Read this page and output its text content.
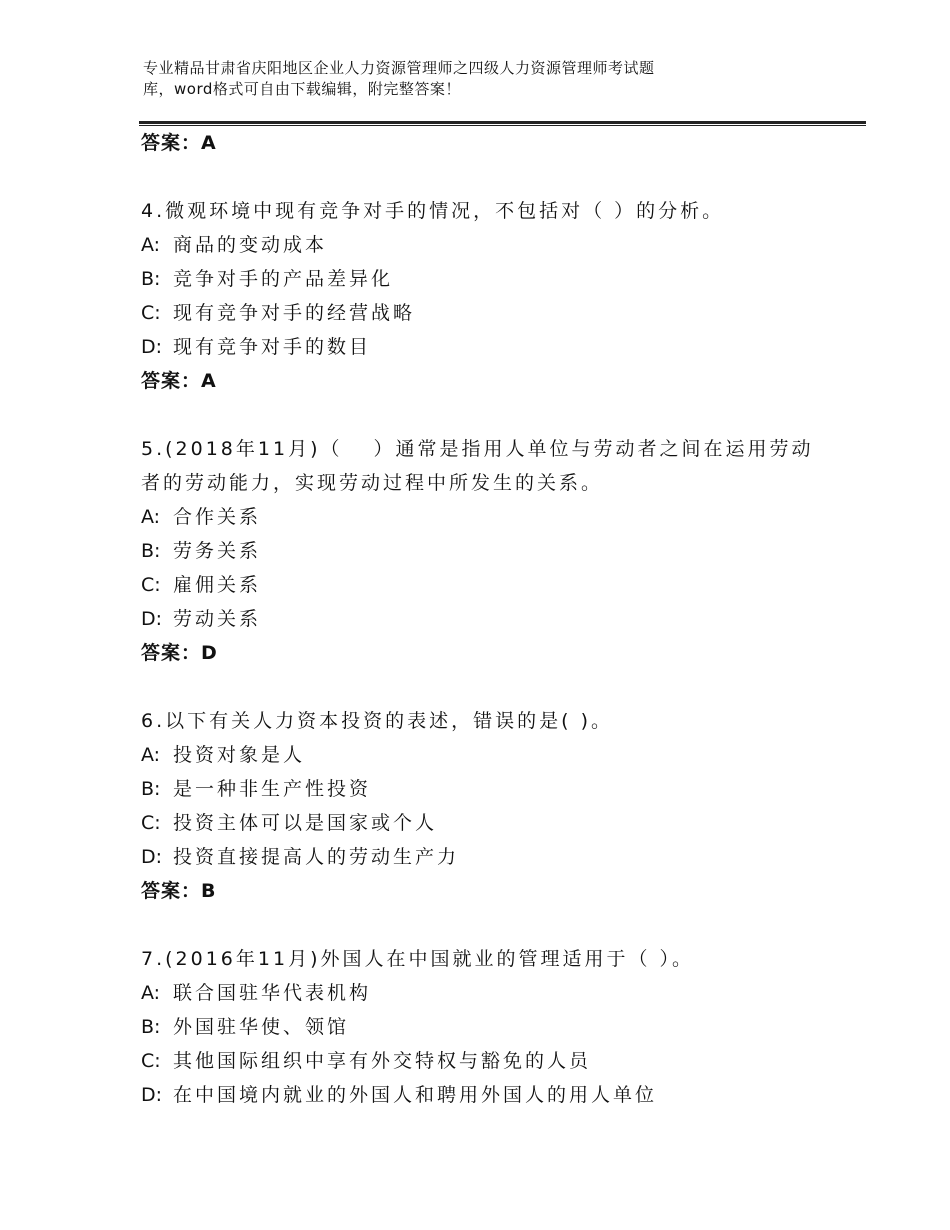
专业精品甘肃省庆阳地区企业人力资源管理师之四级人力资源管理师考试题
库，word格式可自由下载编辑，附完整答案！
答案：A
4.微观环境中现有竞争对手的情况，不包括对（ ）的分析。
A: 商品的变动成本
B: 竞争对手的产品差异化
C: 现有竞争对手的经营战略
D: 现有竞争对手的数目
答案：A
5.(2018年11月)（　 ）通常是指用人单位与劳动者之间在运用劳动
者的劳动能力，实现劳动过程中所发生的关系。
A: 合作关系
B: 劳务关系
C: 雇佣关系
D: 劳动关系
答案：D
6.以下有关人力资本投资的表述，错误的是( )。
A: 投资对象是人
B: 是一种非生产性投资
C: 投资主体可以是国家或个人
D: 投资直接提高人的劳动生产力
答案：B
7.(2016年11月)外国人在中国就业的管理适用于（ ）。
A: 联合国驻华代表机构
B: 外国驻华使、领馆
C: 其他国际组织中享有外交特权与豁免的人员
D: 在中国境内就业的外国人和聘用外国人的用人单位
